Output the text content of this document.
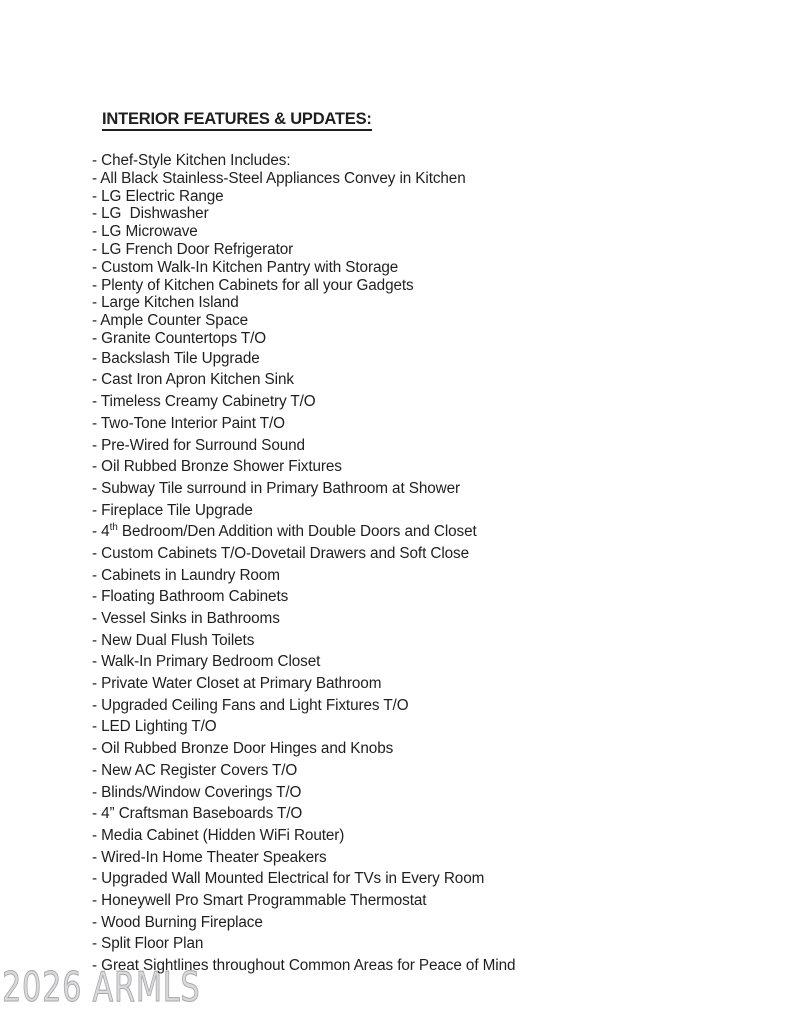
2026 ARMLS
INTERIOR FEATURES & UPDATES:
- Chef-Style Kitchen Includes:
- All Black Stainless-Steel Appliances Convey in Kitchen
- LG Electric Range
- LG  Dishwasher
- LG Microwave
- LG French Door Refrigerator
- Custom Walk-In Kitchen Pantry with Storage
- Plenty of Kitchen Cabinets for all your Gadgets
- Large Kitchen Island
- Ample Counter Space
- Granite Countertops T/O
- Backslash Tile Upgrade
- Cast Iron Apron Kitchen Sink
- Timeless Creamy Cabinetry T/O
- Two-Tone Interior Paint T/O
- Pre-Wired for Surround Sound
- Oil Rubbed Bronze Shower Fixtures
- Subway Tile surround in Primary Bathroom at Shower
- Fireplace Tile Upgrade
- 4th Bedroom/Den Addition with Double Doors and Closet
- Custom Cabinets T/O-Dovetail Drawers and Soft Close
- Cabinets in Laundry Room
- Floating Bathroom Cabinets
- Vessel Sinks in Bathrooms
- New Dual Flush Toilets
- Walk-In Primary Bedroom Closet
- Private Water Closet at Primary Bathroom
- Upgraded Ceiling Fans and Light Fixtures T/O
- LED Lighting T/O
- Oil Rubbed Bronze Door Hinges and Knobs
- New AC Register Covers T/O
- Blinds/Window Coverings T/O
- 4” Craftsman Baseboards T/O
- Media Cabinet (Hidden WiFi Router)
- Wired-In Home Theater Speakers
- Upgraded Wall Mounted Electrical for TVs in Every Room
- Honeywell Pro Smart Programmable Thermostat
- Wood Burning Fireplace
- Split Floor Plan
- Great Sightlines throughout Common Areas for Peace of Mind
